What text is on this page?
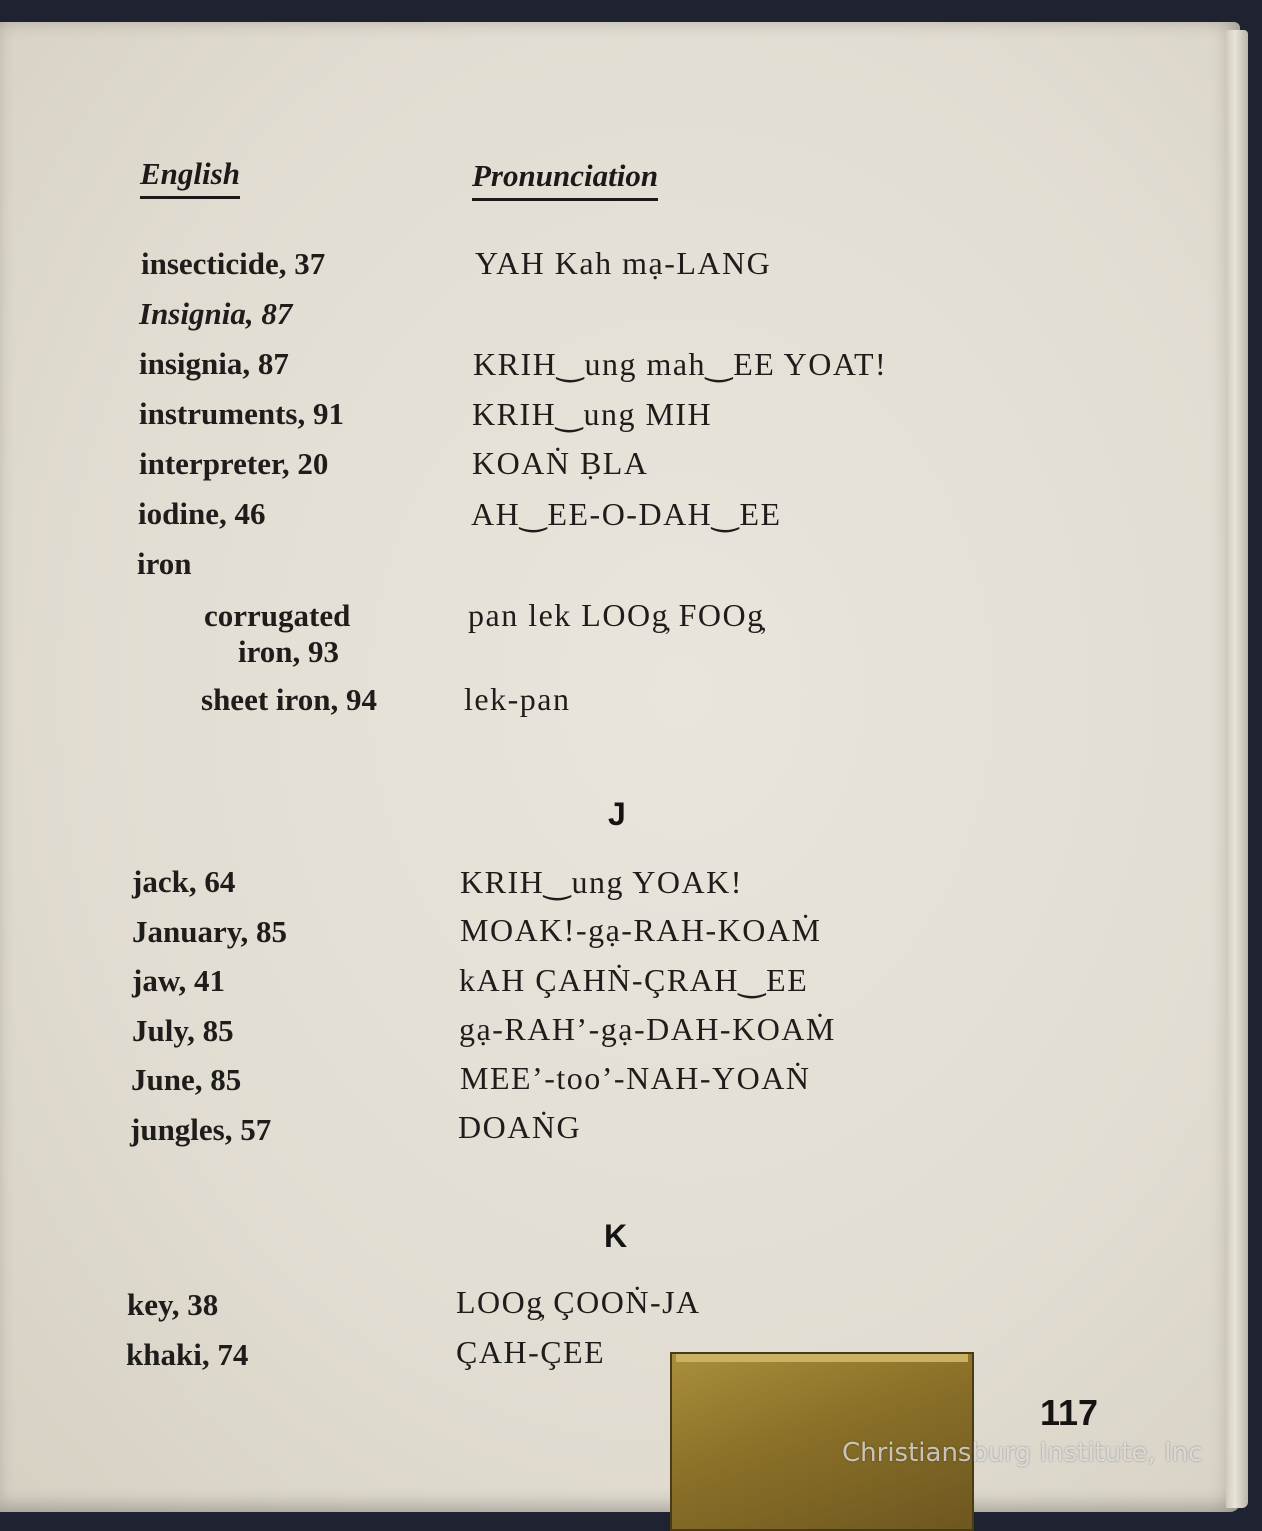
English	Pronunciation
insecticide, 37	YAH Kah mạ-LANG
Insignia, 87
insignia, 87	KRIH‿ung mah‿EE YOAT!
instruments, 91	KRIH‿ung MIH
interpreter, 20	KOAṄ ḄLA
iodine, 46	AH‿EE-O-DAH‿EE
iron
corrugated	pan lek LOOg̦ FOOg̦
iron, 93
sheet iron, 94	lek-pan
J
jack, 64	KRIH‿ung YOAK!
January, 85	MOAK!-gạ-RAH-KOAṀ
jaw, 41	kAH ÇAHṄ-ÇRAH‿EE
July, 85	gạ-RAH’-gạ-DAH-KOAṀ
June, 85	MEE’-too’-NAH-YOAṄ
jungles, 57	DOAṄG
K
key, 38	LOOg̦ ÇOOṄ-JA
khaki, 74	ÇAH-ÇEE
117
Christiansburg Institute, Inc
